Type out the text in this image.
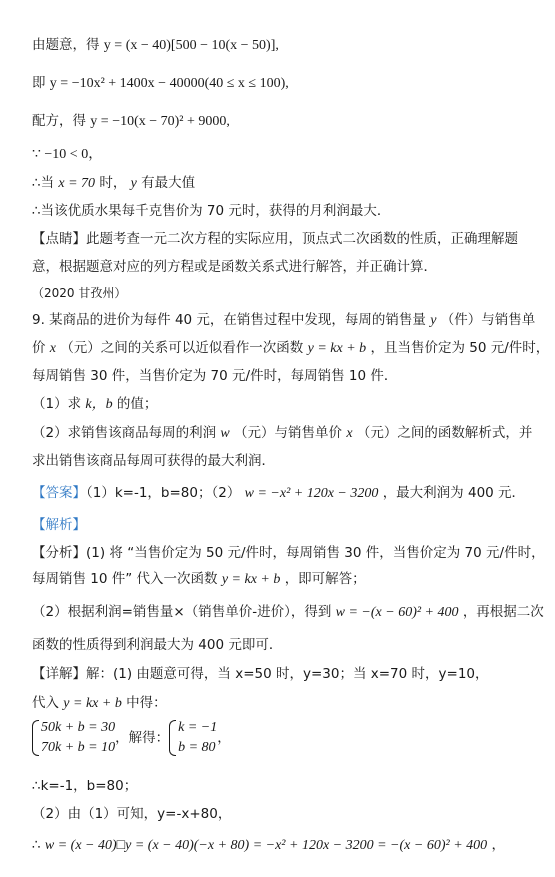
由题意，得 y = (x − 40)[500 − 10(x − 50)],
即 y = −10x² + 1400x − 40000(40 ≤ x ≤ 100),
配方，得 y = −10(x − 70)² + 9000,
∵ −10 < 0，
∴当 x = 70 时， y 有最大值
∴当该优质水果每千克售价为 70 元时，获得的月利润最大．
【点睛】此题考查一元二次方程的实际应用，顶点式二次函数的性质，正确理解题
意，根据题意对应的列方程或是函数关系式进行解答，并正确计算．
（2020 甘孜州）
9. 某商品的进价为每件 40 元，在销售过程中发现，每周的销售量 y （件）与销售单
价 x （元）之间的关系可以近似看作一次函数 y = kx + b ，且当售价定为 50 元/件时，
每周销售 30 件，当售价定为 70 元/件时，每周销售 10 件．
（1）求 k，b 的值；
（2）求销售该商品每周的利润 w （元）与销售单价 x （元）之间的函数解析式，并
求出销售该商品每周可获得的最大利润．
【答案】（1）k=-1，b=80；（2） w = −x² + 120x − 3200 ，最大利润为 400 元．
【解析】
【分析】(1) 将 “当售价定为 50 元/件时，每周销售 30 件，当售价定为 70 元/件时，
每周销售 10 件” 代入一次函数 y = kx + b ，即可解答；
（2）根据利润=销售量×（销售单价-进价），得到 w = −(x − 60)² + 400 ，再根据二次
函数的性质得到利润最大为 400 元即可．
【详解】解：(1) 由题意可得，当 x=50 时，y=30；当 x=70 时，y=10，
代入 y = kx + b 中得：
50k + b = 30
70k + b = 10
，解得：
k = −1
b = 80
，
∴k=-1，b=80；
（2）由（1）可知，y=-x+80，
∴ w = (x − 40)□y = (x − 40)(−x + 80) = −x² + 120x − 3200 = −(x − 60)² + 400 ，
